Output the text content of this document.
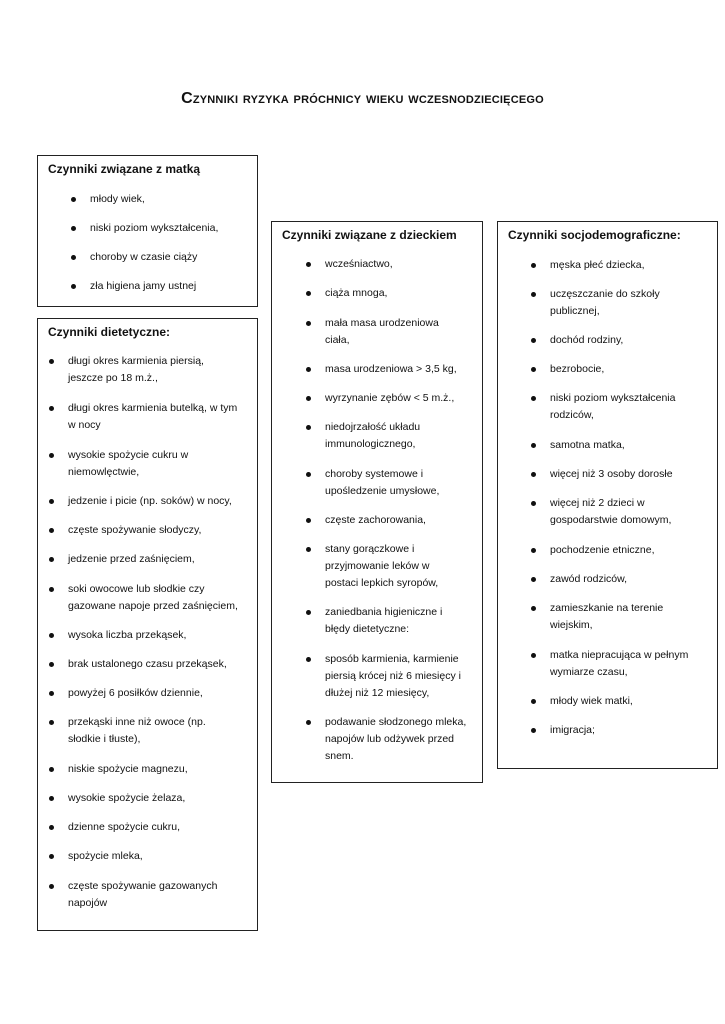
Czynniki ryzyka próchnicy wieku wczesnodziecięcego
Czynniki związane z matką
młody wiek,
niski poziom wykształcenia,
choroby w czasie ciąży
zła higiena jamy ustnej
Czynniki dietetyczne:
długi okres karmienia piersią, jeszcze po 18 m.ż.,
długi okres karmienia butelką, w tym w nocy
wysokie spożycie cukru w niemowlęctwie,
jedzenie i picie (np. soków) w nocy,
częste spożywanie słodyczy,
jedzenie przed zaśnięciem,
soki owocowe lub słodkie czy gazowane napoje przed zaśnięciem,
wysoka liczba przekąsek,
brak ustalonego czasu przekąsek,
powyżej 6 posiłków dziennie,
przekąski inne niż owoce (np. słodkie i tłuste),
niskie spożycie magnezu,
wysokie spożycie żelaza,
dzienne spożycie cukru,
spożycie mleka,
częste spożywanie gazowanych napojów
Czynniki związane z dzieckiem
wcześniactwo,
ciąża mnoga,
mała masa urodzeniowa ciała,
masa urodzeniowa > 3,5 kg,
wyrzynanie zębów < 5 m.ż.,
niedojrzałość układu immunologicznego,
choroby systemowe i upośledzenie umysłowe,
częste zachorowania,
stany gorączkowe i przyjmowanie leków w postaci lepkich syropów,
zaniedbania higieniczne i błędy dietetyczne:
sposób karmienia, karmienie piersią krócej niż 6 miesięcy i dłużej niż 12 miesięcy,
podawanie słodzonego mleka, napojów lub odżywek przed snem.
Czynniki socjodemograficzne:
męska płeć dziecka,
uczęszczanie do szkoły publicznej,
dochód rodziny,
bezrobocie,
niski poziom wykształcenia rodziców,
samotna matka,
więcej niż 3 osoby dorosłe
więcej niż 2 dzieci w gospodarstwie domowym,
pochodzenie etniczne,
zawód rodziców,
zamieszkanie na terenie wiejskim,
matka niepracująca w pełnym wymiarze czasu,
młody wiek matki,
imigracja;
